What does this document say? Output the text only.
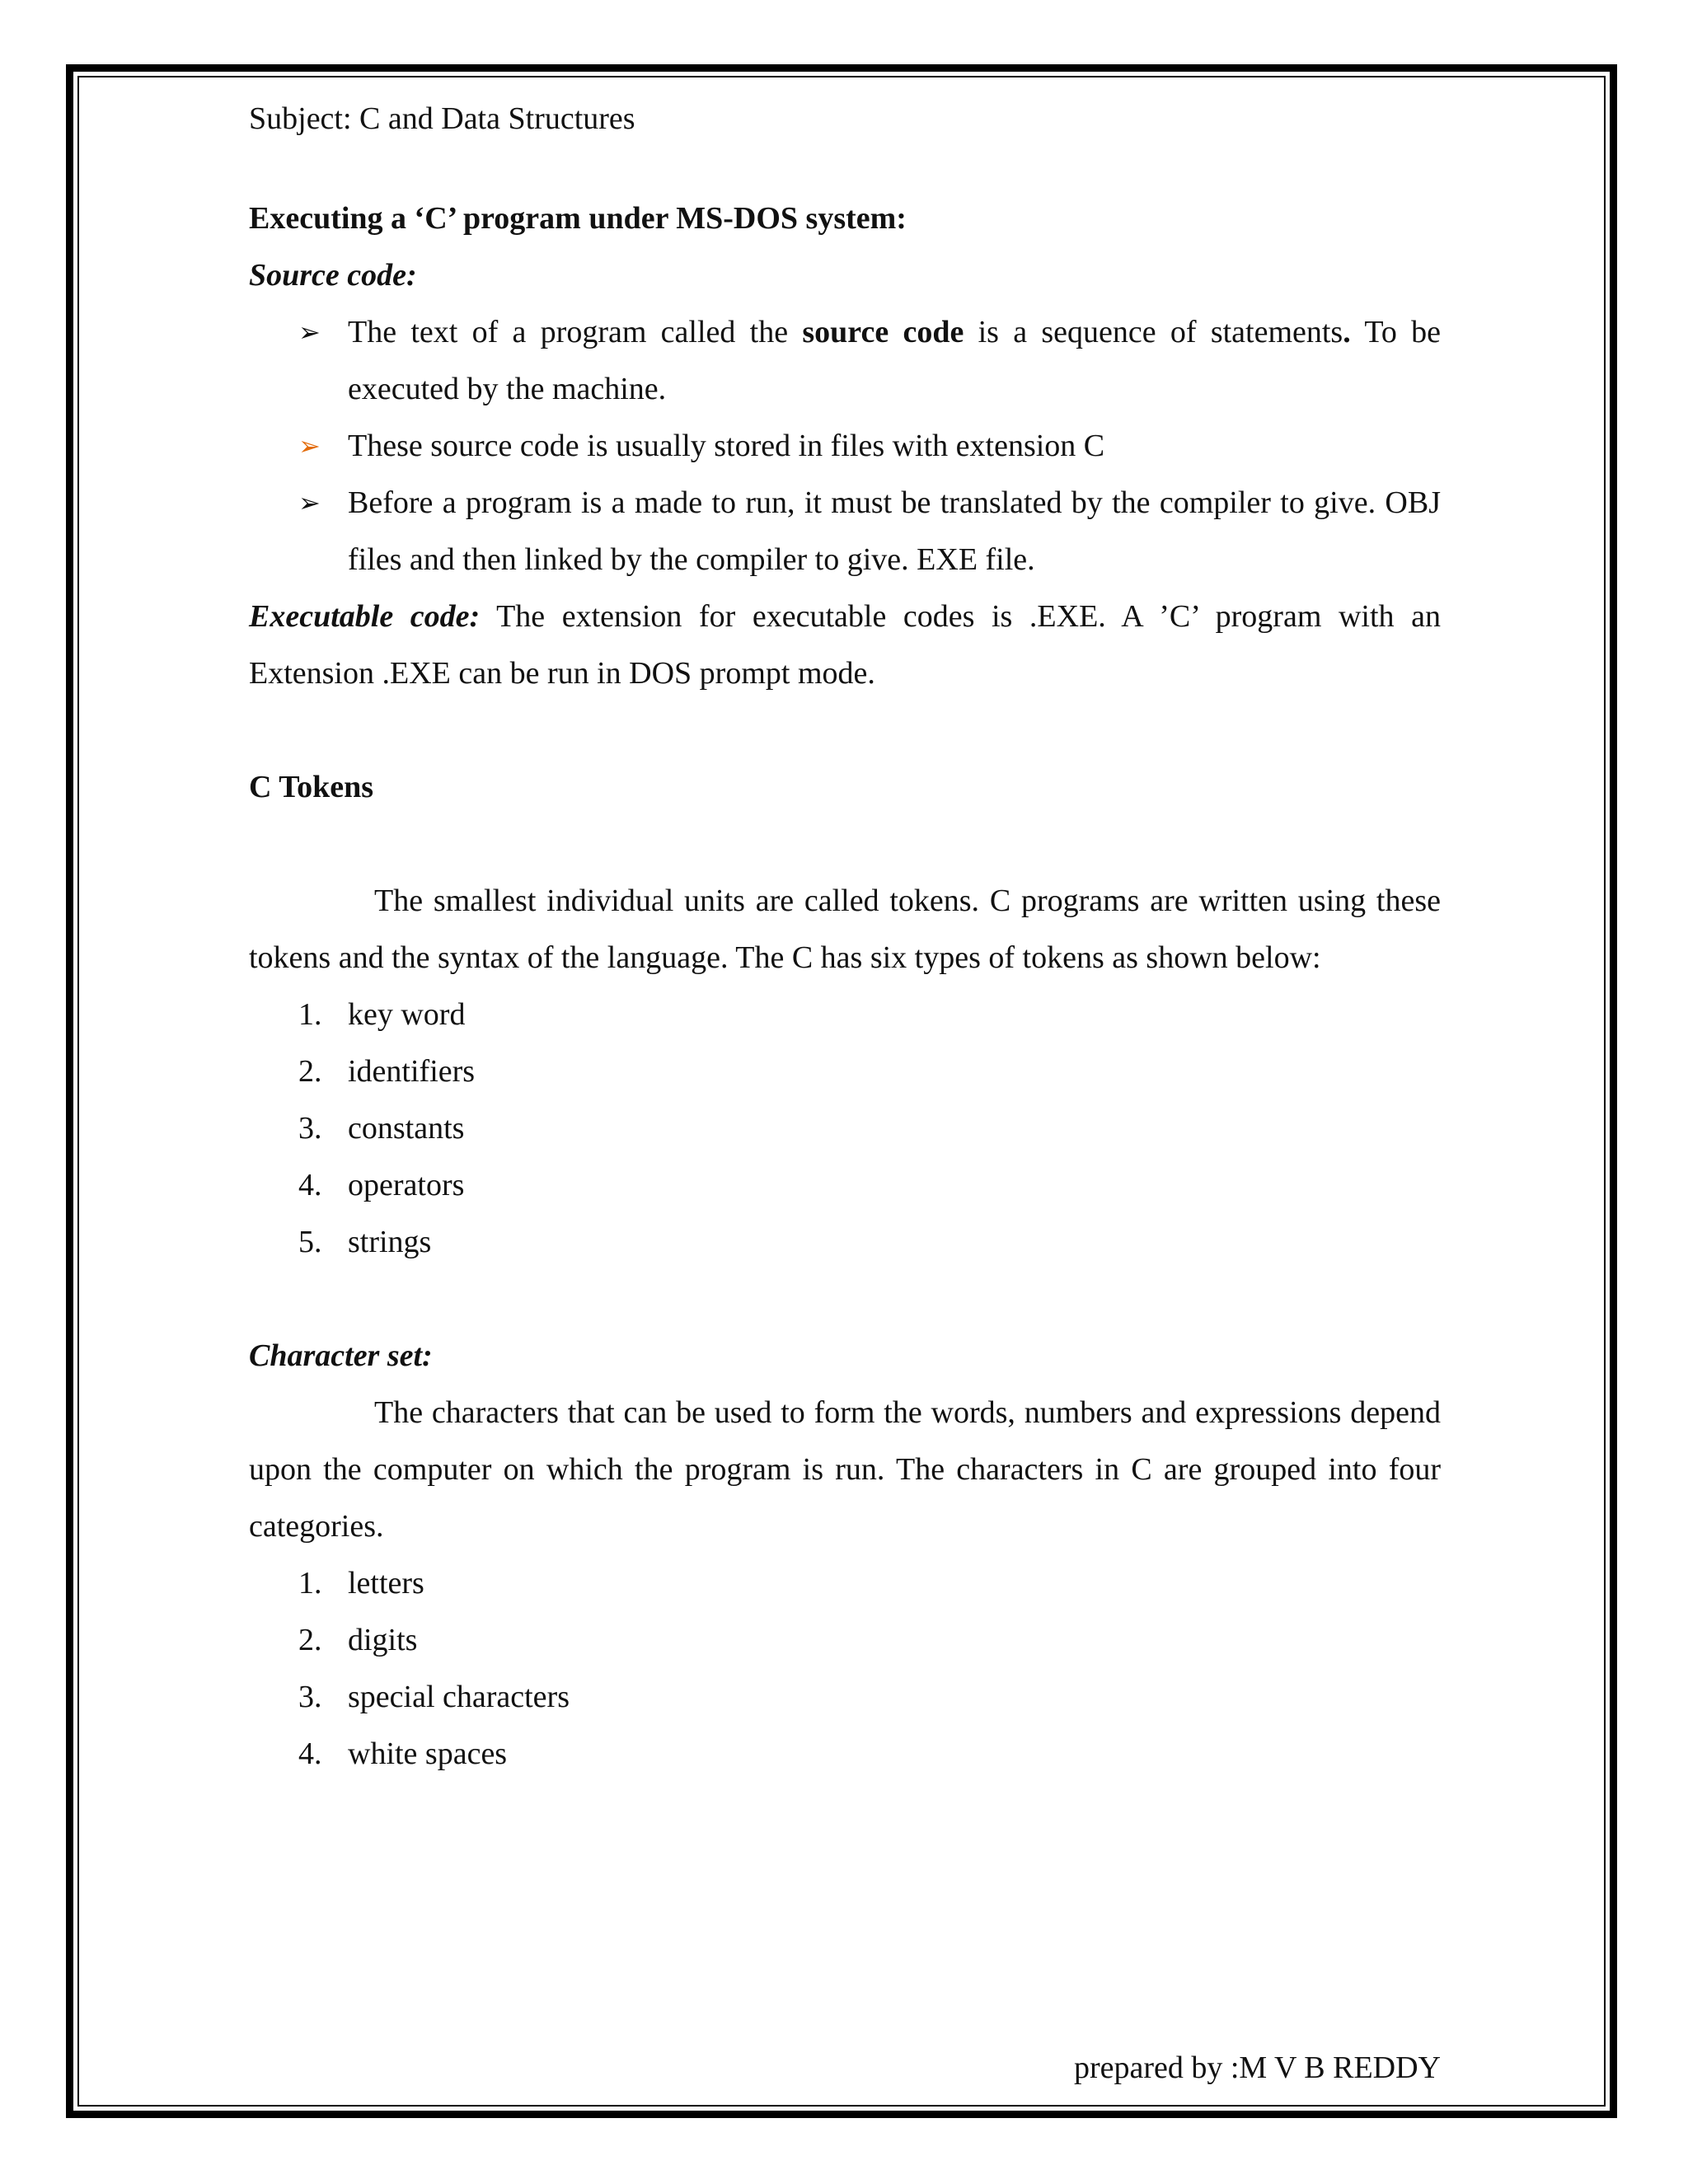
Subject: C and Data Structures

Executing a ‘C’ program under MS-DOS system:

Source code:

➢ The text of a program called the source code is a sequence of statements. To be executed by the machine.
➢ These source code is usually stored in files with extension C
➢ Before a program is a made to run, it must be translated by the compiler to give. OBJ files and then linked by the compiler to give. EXE file.

Executable code: The extension for executable codes is .EXE. A ’C’ program with an Extension .EXE can be run in DOS prompt mode.

C Tokens

The smallest individual units are called tokens. C programs are written using these tokens and the syntax of the language. The C has six types of tokens as shown below:

1. key word
2. identifiers
3. constants
4. operators
5. strings

Character set:

The characters that can be used to form the words, numbers and expressions depend upon the computer on which the program is run. The characters in C are grouped into four categories.

1. letters
2. digits
3. special characters
4. white spaces

prepared by :M V B REDDY
